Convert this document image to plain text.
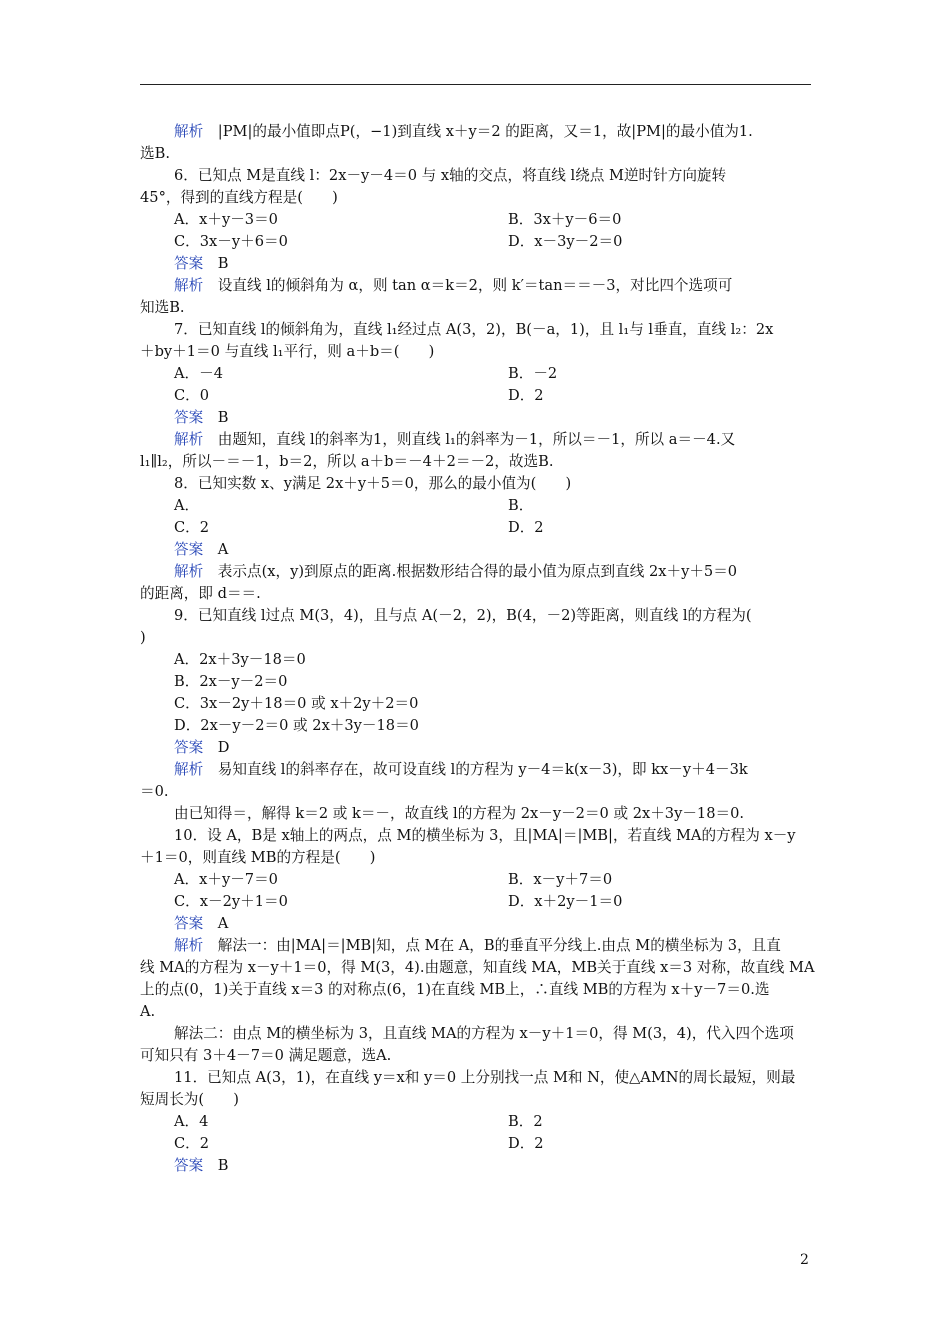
解析　|PM|的最小值即点P(，−1)到直线 x＋y＝2 的距离，又＝1，故|PM|的最小值为1.
选B.
6．已知点 M是直线 l：2x－y－4＝0 与 x轴的交点，将直线 l绕点 M逆时针方向旋转
45°，得到的直线方程是(　　)
A．x＋y－3＝0	B．3x＋y－6＝0
C．3x－y＋6＝0	D．x－3y－2＝0
答案　B
解析　设直线 l的倾斜角为 α，则 tan α＝k＝2，则 k′＝tan＝＝－3，对比四个选项可
知选B.
7．已知直线 l的倾斜角为，直线 l₁经过点 A(3，2)，B(－a，1)，且 l₁与 l垂直，直线 l₂：2x
＋by＋1＝0 与直线 l₁平行，则 a＋b＝(　　)
A．－4	B．－2
C．0	D．2
答案　B
解析　由题知，直线 l的斜率为1，则直线 l₁的斜率为－1，所以＝－1，所以 a＝－4.又
l₁∥l₂，所以－＝－1，b＝2，所以 a＋b＝－4＋2＝－2，故选B.
8．已知实数 x、y满足 2x＋y＋5＝0，那么的最小值为(　　)
A．	B．
C．2	D．2
答案　A
解析　表示点(x，y)到原点的距离.根据数形结合得的最小值为原点到直线 2x＋y＋5＝0
的距离，即 d＝＝.
9．已知直线 l过点 M(3，4)，且与点 A(－2，2)，B(4，－2)等距离，则直线 l的方程为(
)
A．2x＋3y－18＝0
B．2x－y－2＝0
C．3x－2y＋18＝0 或 x＋2y＋2＝0
D．2x－y－2＝0 或 2x＋3y－18＝0
答案　D
解析　易知直线 l的斜率存在，故可设直线 l的方程为 y－4＝k(x－3)，即 kx－y＋4－3k
＝0.
由已知得＝，解得 k＝2 或 k＝－，故直线 l的方程为 2x－y－2＝0 或 2x＋3y－18＝0.
10．设 A，B是 x轴上的两点，点 M的横坐标为 3，且|MA|＝|MB|，若直线 MA的方程为 x－y
＋1＝0，则直线 MB的方程是(　　)
A．x＋y－7＝0	B．x－y＋7＝0
C．x－2y＋1＝0	D．x＋2y－1＝0
答案　A
解析　解法一：由|MA|＝|MB|知，点 M在 A，B的垂直平分线上.由点 M的横坐标为 3，且直
线 MA的方程为 x－y＋1＝0，得 M(3，4).由题意，知直线 MA，MB关于直线 x＝3 对称，故直线 MA
上的点(0，1)关于直线 x＝3 的对称点(6，1)在直线 MB上，∴直线 MB的方程为 x＋y－7＝0.选
A.
解法二：由点 M的横坐标为 3，且直线 MA的方程为 x－y＋1＝0，得 M(3，4)，代入四个选项
可知只有 3＋4－7＝0 满足题意，选A.
11．已知点 A(3，1)，在直线 y＝x和 y＝0 上分别找一点 M和 N，使△AMN的周长最短，则最
短周长为(　　)
A．4	B．2
C．2	D．2
答案　B
2
